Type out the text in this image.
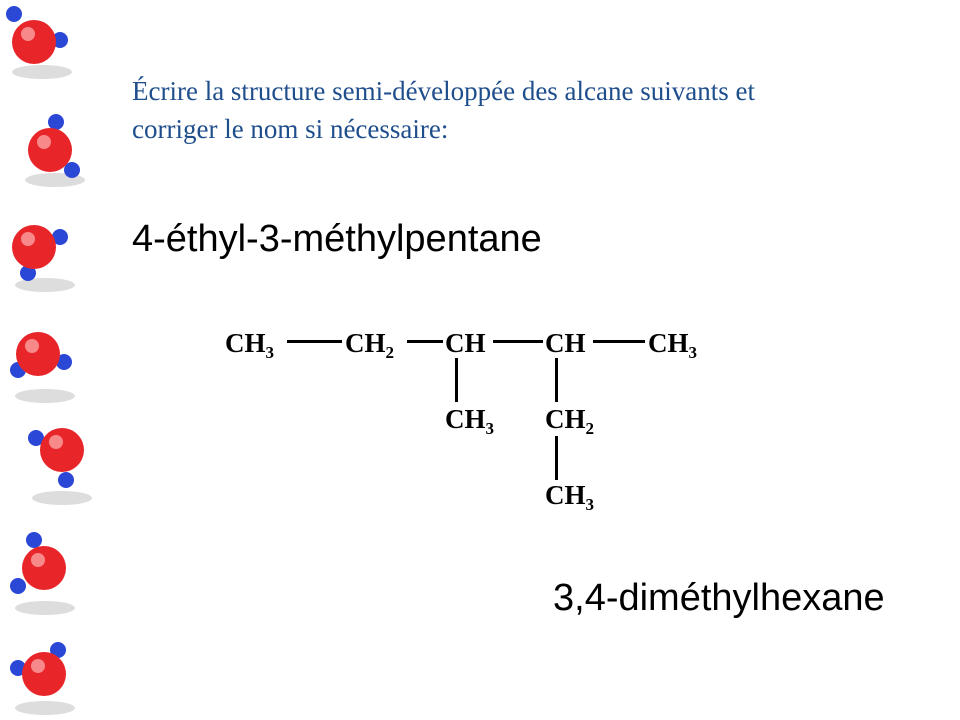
Écrire la structure semi-développée des alcane suivants et
corriger le nom si nécessaire:

4-éthyl-3-méthylpentane

$CH_3$	$CH_2$ CH CH $CH_3$
$CH_3$ $CH_2$
$CH_3$

3,4-diméthylhexane
